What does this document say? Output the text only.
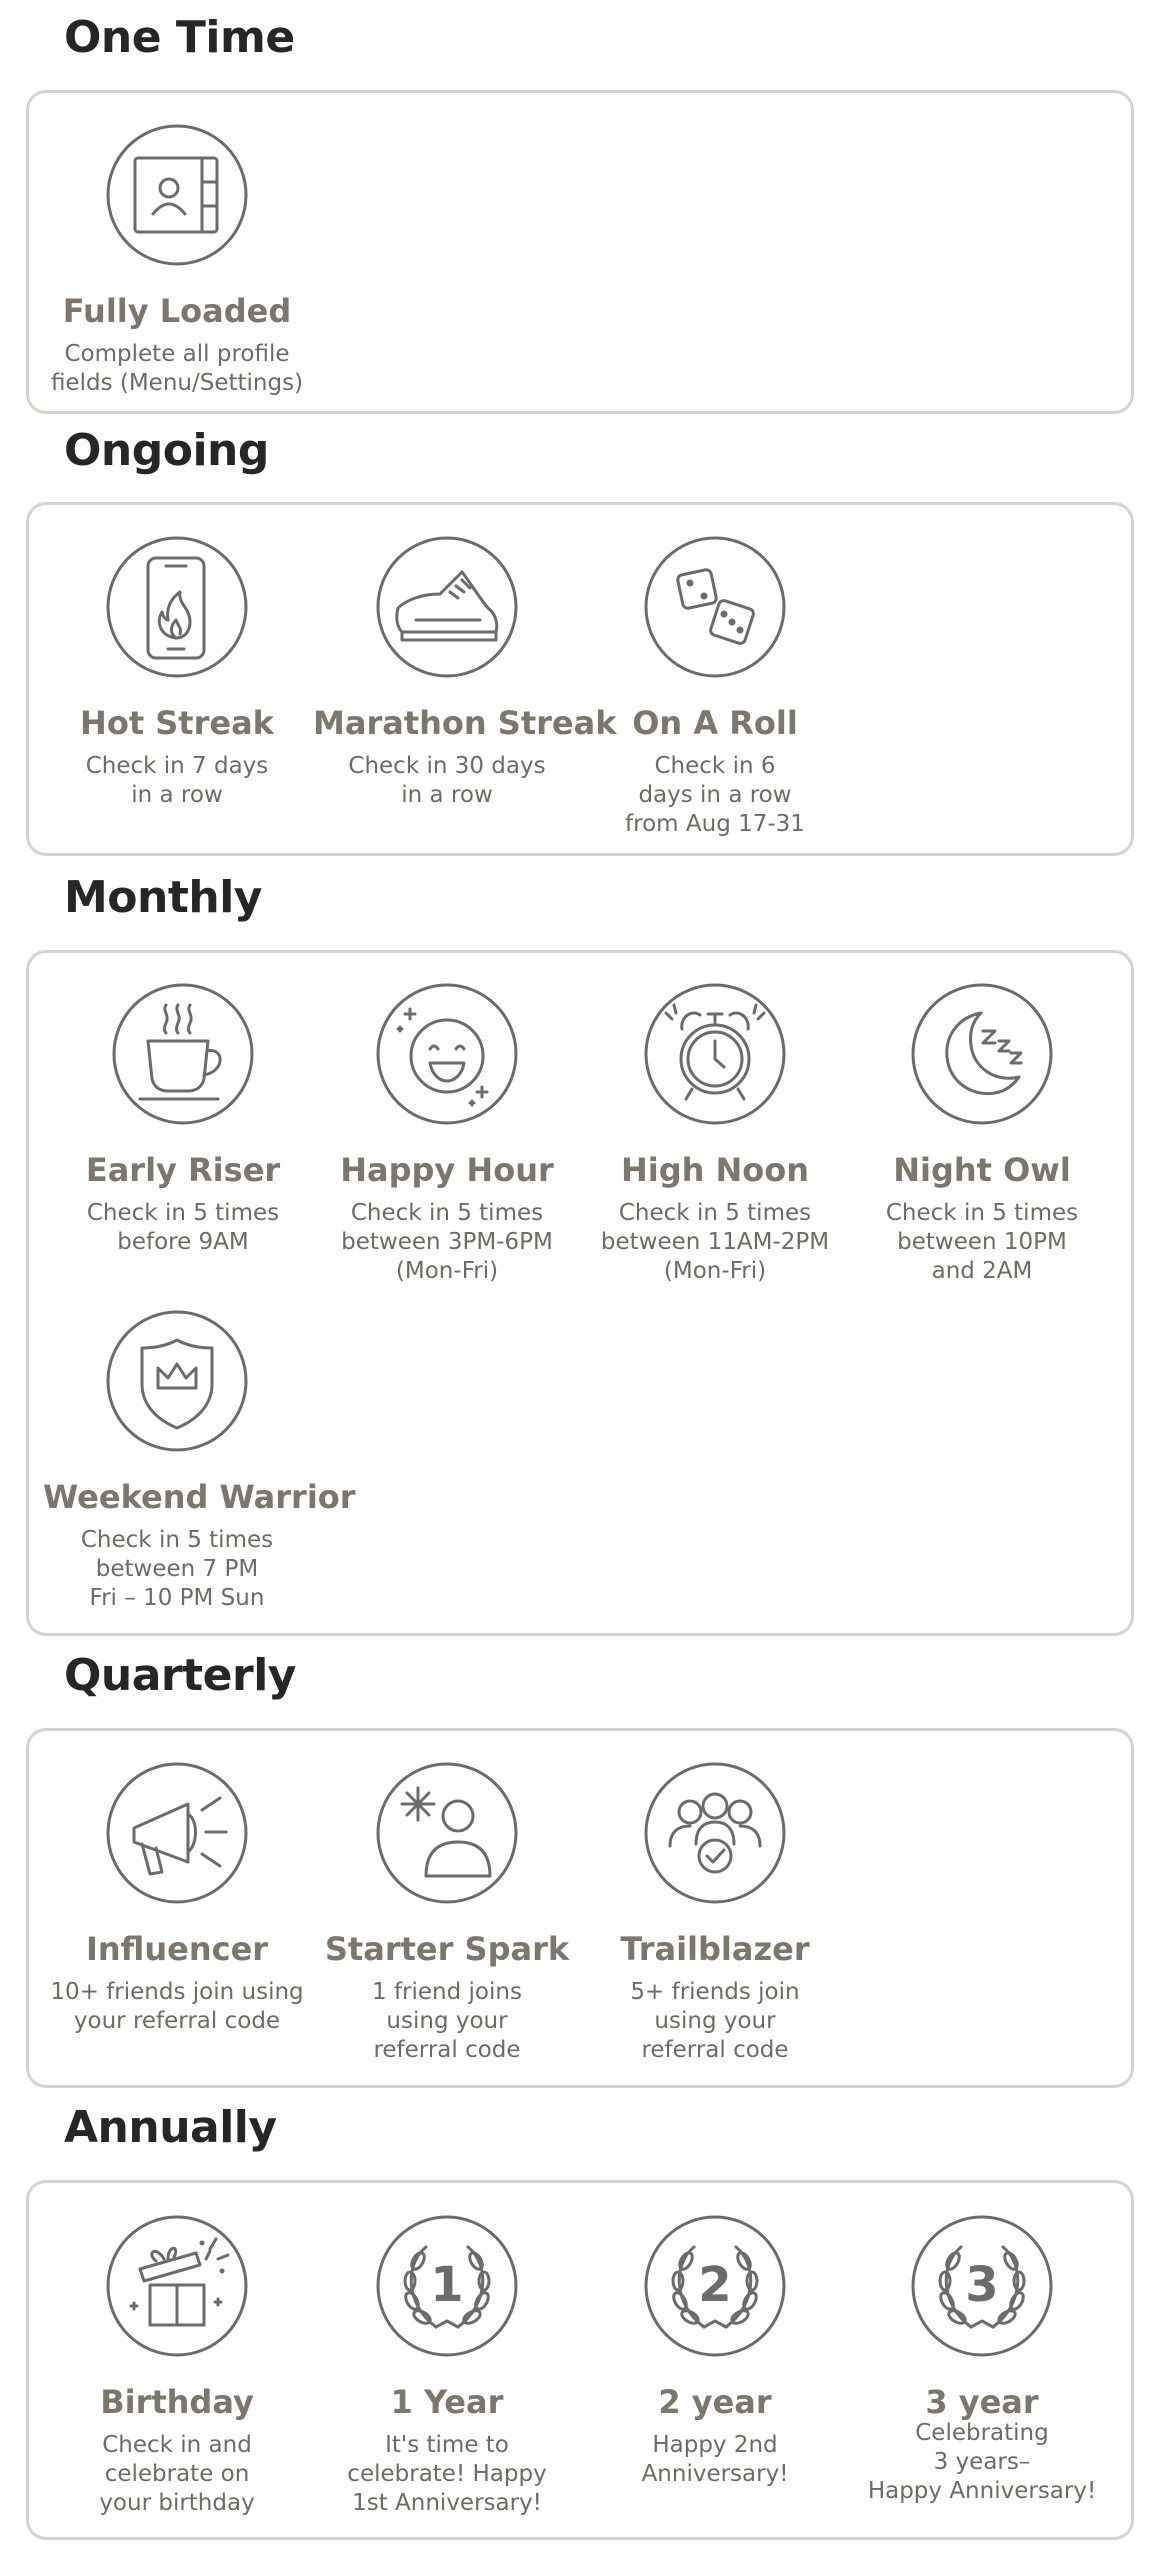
One Time
Fully Loaded
Complete all profile
fields (Menu/Settings)
Ongoing
Hot Streak
Check in 7 days
in a row
Marathon Streak
Check in 30 days
in a row
On A Roll
Check in 6
days in a row
from Aug 17-31
Monthly
Early Riser
Check in 5 times
before 9AM
Happy Hour
Check in 5 times
between 3PM-6PM
(Mon-Fri)
High Noon
Check in 5 times
between 11AM-2PM
(Mon-Fri)
Night Owl
Check in 5 times
between 10PM
and 2AM
Weekend Warrior
Check in 5 times
between 7 PM
Fri – 10 PM Sun
Quarterly
Influencer
10+ friends join using
your referral code
Starter Spark
1 friend joins
using your
referral code
Trailblazer
5+ friends join
using your
referral code
Annually
Birthday
Check in and
celebrate on
your birthday
1
1 Year
It's time to
celebrate! Happy
1st Anniversary!
2
2 year
Happy 2nd
Anniversary!
3
3 year
Celebrating
3 years–
Happy Anniversary!
